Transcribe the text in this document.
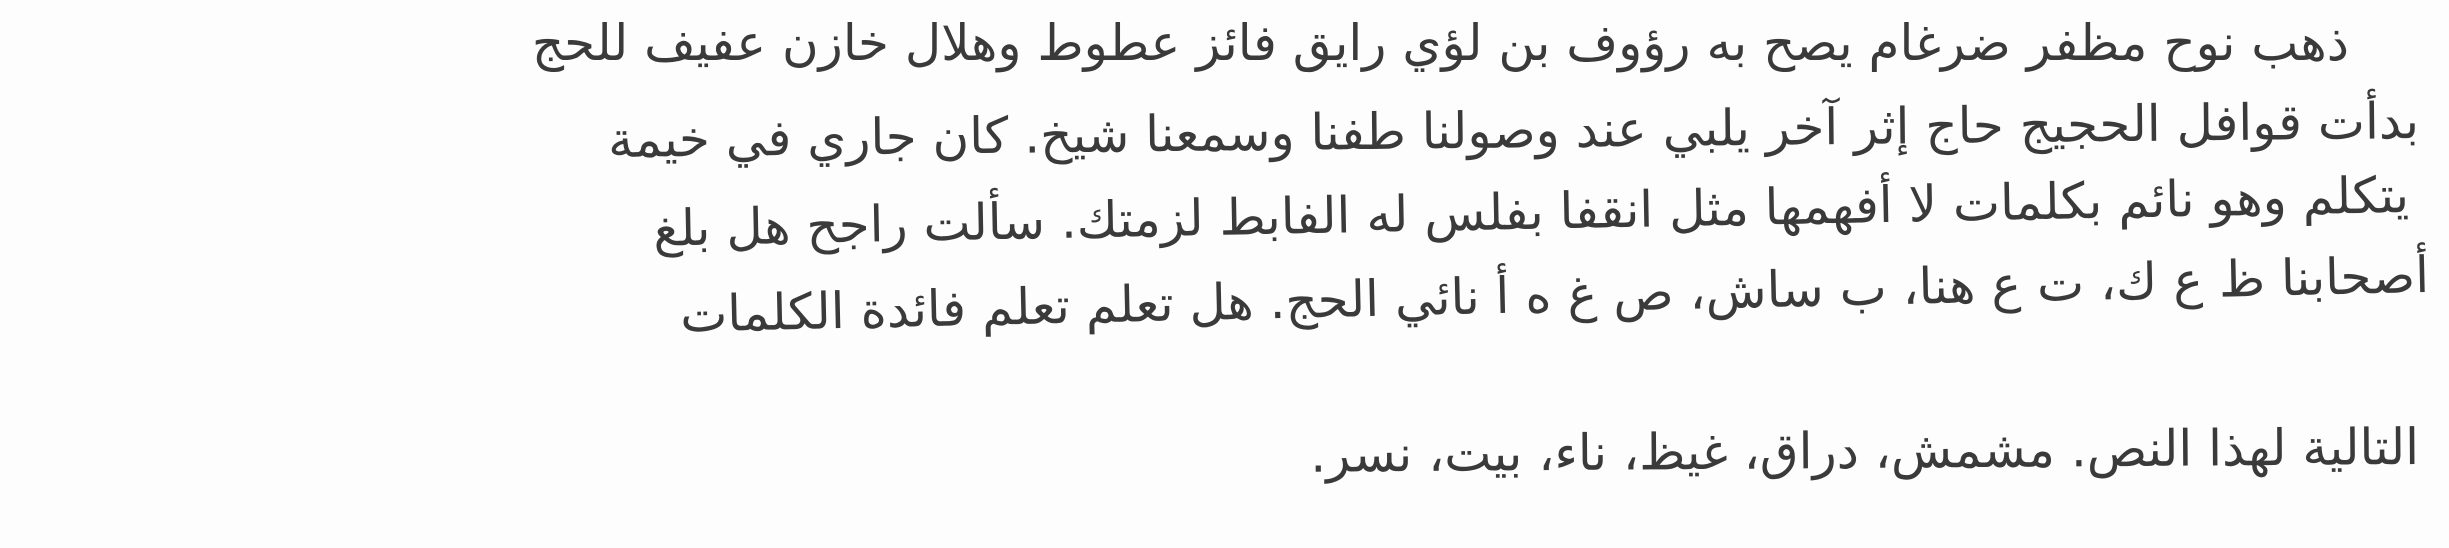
ذهب نوح مظفر ضرغام يصح به رؤوف بن لؤي رايق فائز عطوط وهلال خازن عفيف للحج
بدأت قوافل الحجيج حاج إثر آخر يلبي عند وصولنا طفنا وسمعنا شيخ. كان جاري في خيمة
يتكلم وهو نائم بكلمات لا أفهمها مثل انقفا بفلس له الفابط لزمتك. سألت راجح هل بلغ
أصحابنا ظ ع ك، ت ع هنا، ب ساش، ص غ ه أ نائي الحج. هل تعلم تعلم فائدة الكلمات
التالية لهذا النص. مشمش، دراق، غيظ، ناء، بيت، نسر.
